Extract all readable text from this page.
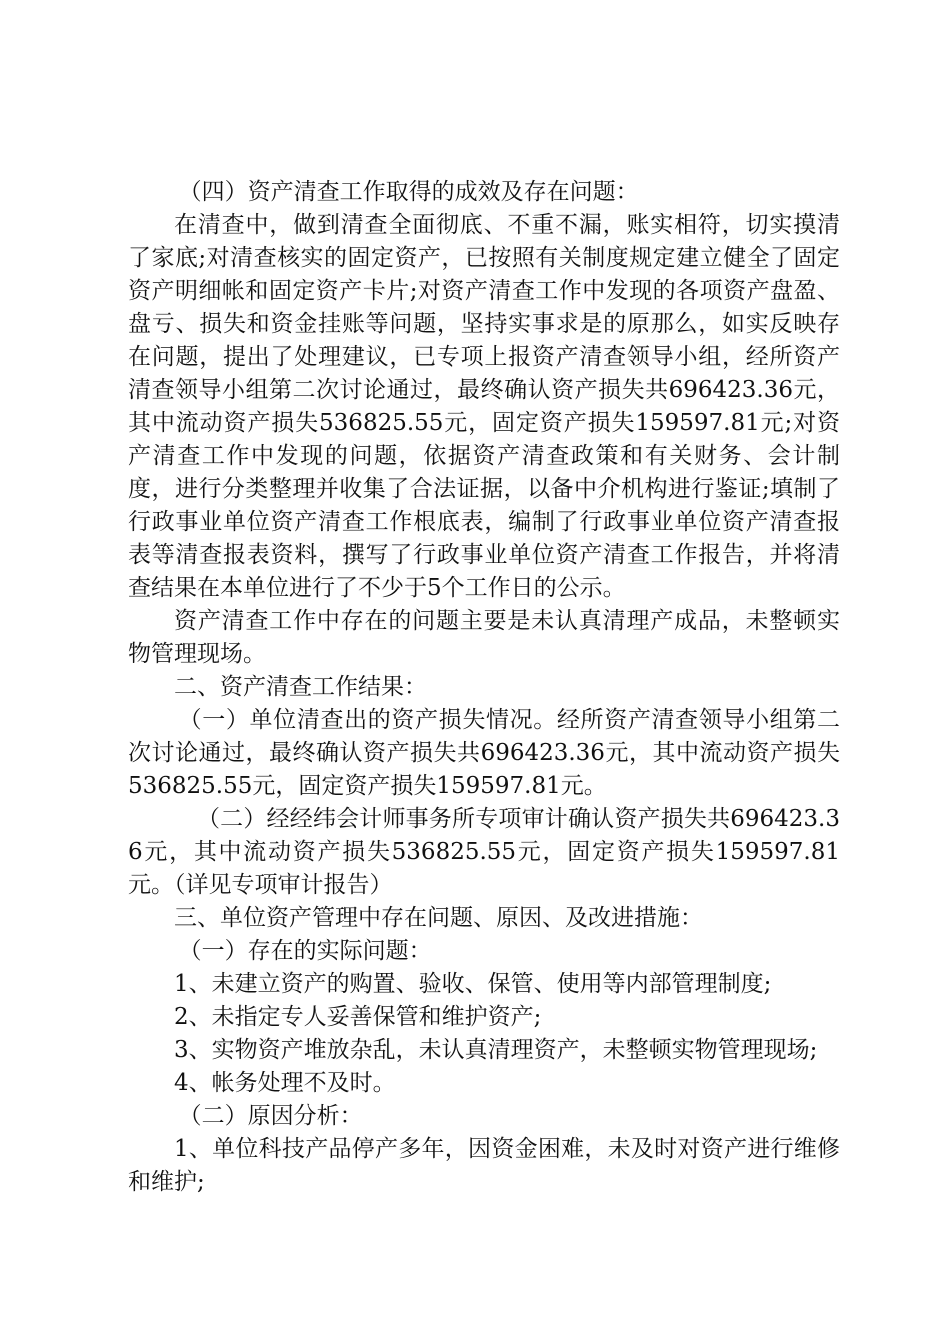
（四）资产清查工作取得的成效及存在问题：

在清查中，做到清查全面彻底、不重不漏，账实相符，切实摸清了家底;对清查核实的固定资产，已按照有关制度规定建立健全了固定资产明细帐和固定资产卡片;对资产清查工作中发现的各项资产盘盈、盘亏、损失和资金挂账等问题，坚持实事求是的原那么，如实反映存在问题，提出了处理建议，已专项上报资产清查领导小组，经所资产清查领导小组第二次讨论通过，最终确认资产损失共696423.36元，其中流动资产损失536825.55元，固定资产损失159597.81元;对资产清查工作中发现的问题，依据资产清查政策和有关财务、会计制度，进行分类整理并收集了合法证据，以备中介机构进行鉴证;填制了行政事业单位资产清查工作根底表，编制了行政事业单位资产清查报表等清查报表资料，撰写了行政事业单位资产清查工作报告，并将清查结果在本单位进行了不少于5个工作日的公示。

资产清查工作中存在的问题主要是未认真清理产成品，未整顿实物管理现场。

二、资产清查工作结果：

（一）单位清查出的资产损失情况。经所资产清查领导小组第二次讨论通过，最终确认资产损失共696423.36元，其中流动资产损失536825.55元，固定资产损失159597.81元。

（二）经经纬会计师事务所专项审计确认资产损失共696423.36元，其中流动资产损失536825.55元，固定资产损失159597.81元。（详见专项审计报告）

三、单位资产管理中存在问题、原因、及改进措施：

（一）存在的实际问题：

1、未建立资产的购置、验收、保管、使用等内部管理制度;

2、未指定专人妥善保管和维护资产;

3、实物资产堆放杂乱，未认真清理资产，未整顿实物管理现场;

4、帐务处理不及时。

（二）原因分析：

1、单位科技产品停产多年，因资金困难，未及时对资产进行维修和维护;
